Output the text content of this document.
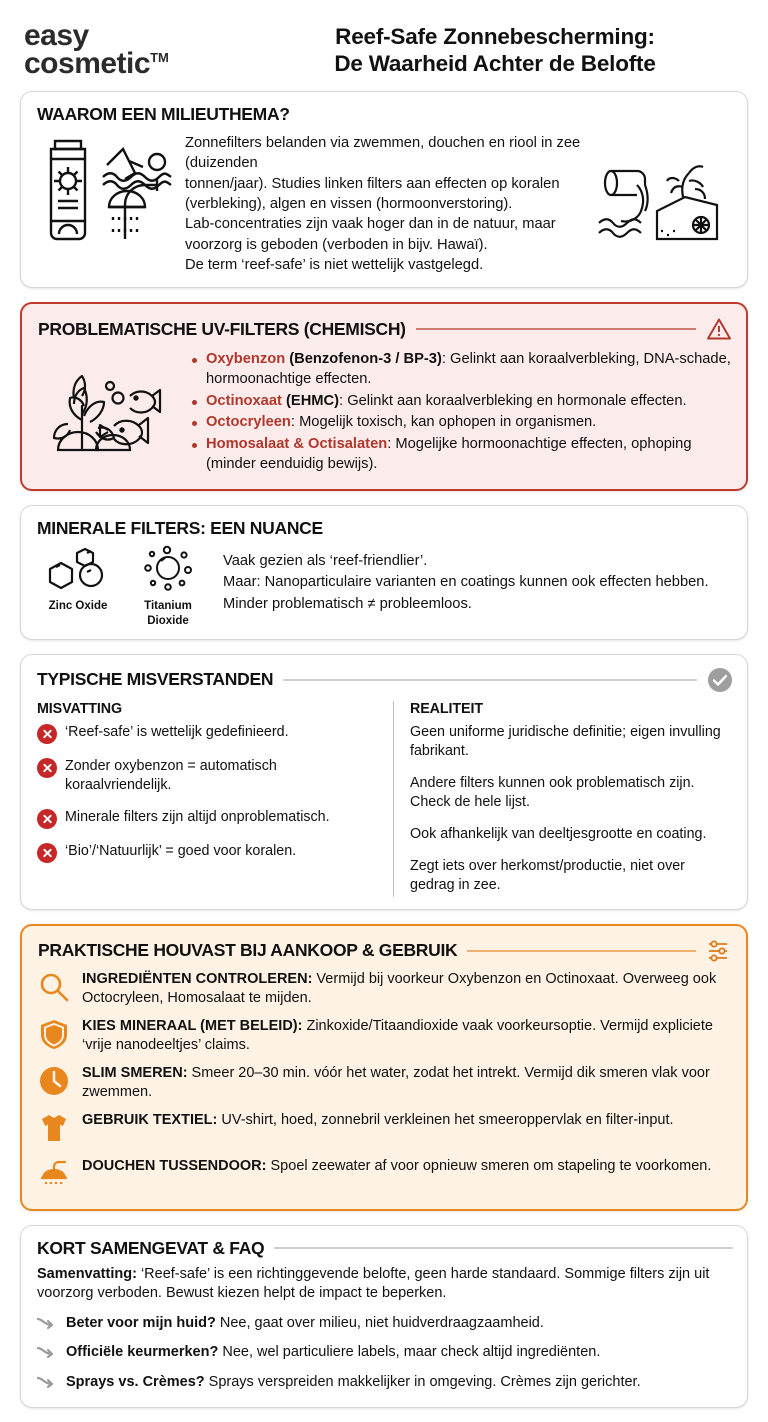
easy
cosmetic™
Reef-Safe Zonnebescherming:
De Waarheid Achter de Belofte
WAAROM EEN MILIEUTHEMA?
Zonnefilters belanden via zwemmen, douchen en riool in zee (duizenden
tonnen/jaar). Studies linken filters aan effecten op koralen
(verbleking), algen en vissen (hormoonverstoring).
Lab-concentraties zijn vaak hoger dan in de natuur, maar
voorzorg is geboden (verboden in bijv. Hawaï).
De term ‘reef-safe’ is niet wettelijk vastgelegd.
PROBLEMATISCHE UV-FILTERS (CHEMISCH)
Oxybenzon (Benzofenon-3 / BP-3): Gelinkt aan koraalverbleking, DNA-schade, hormoonachtige effecten.
Octinoxaat (EHMC): Gelinkt aan koraalverbleking en hormonale effecten.
Octocryleen: Mogelijk toxisch, kan ophopen in organismen.
Homosalaat & Octisalaten: Mogelijke hormoonachtige effecten, ophoping (minder eenduidig bewijs).
MINERALE FILTERS: EEN NUANCE
Zinc Oxide	Titanium
Dioxide
Vaak gezien als ‘reef-friendlier’.
Maar: Nanoparticulaire varianten en coatings kunnen ook effecten hebben.
Minder problematisch ≠ probleemloos.
TYPISCHE MISVERSTANDEN
MISVATTING
‘Reef-safe’ is wettelijk gedefinieerd.
Zonder oxybenzon = automatisch koraalvriendelijk.
Minerale filters zijn altijd onproblematisch.
‘Bio’/‘Natuurlijk’ = goed voor koralen.
REALITEIT
Geen uniforme juridische definitie; eigen invulling fabrikant.
Andere filters kunnen ook problematisch zijn. Check de hele lijst.
Ook afhankelijk van deeltjesgrootte en coating.
Zegt iets over herkomst/productie, niet over gedrag in zee.
PRAKTISCHE HOUVAST BIJ AANKOOP & GEBRUIK
INGREDIËNTEN CONTROLEREN: Vermijd bij voorkeur Oxybenzon en Octinoxaat. Overweeg ook Octocryleen, Homosalaat te mijden.
KIES MINERAAL (MET BELEID): Zinkoxide/Titaandioxide vaak voorkeursoptie. Vermijd expliciete ‘vrije nanodeeltjes’ claims.
SLIM SMEREN: Smeer 20–30 min. vóór het water, zodat het intrekt. Vermijd dik smeren vlak voor zwemmen.
GEBRUIK TEXTIEL: UV-shirt, hoed, zonnebril verkleinen het smeeroppervlak en filter-input.
DOUCHEN TUSSENDOOR: Spoel zeewater af voor opnieuw smeren om stapeling te voorkomen.
KORT SAMENGEVAT & FAQ
Samenvatting: ‘Reef-safe’ is een richtinggevende belofte, geen harde standaard. Sommige filters zijn uit voorzorg verboden. Bewust kiezen helpt de impact te beperken.
Beter voor mijn huid? Nee, gaat over milieu, niet huidverdraagzaamheid.
Officiële keurmerken? Nee, wel particuliere labels, maar check altijd ingrediënten.
Sprays vs. Crèmes? Sprays verspreiden makkelijker in omgeving. Crèmes zijn gerichter.
